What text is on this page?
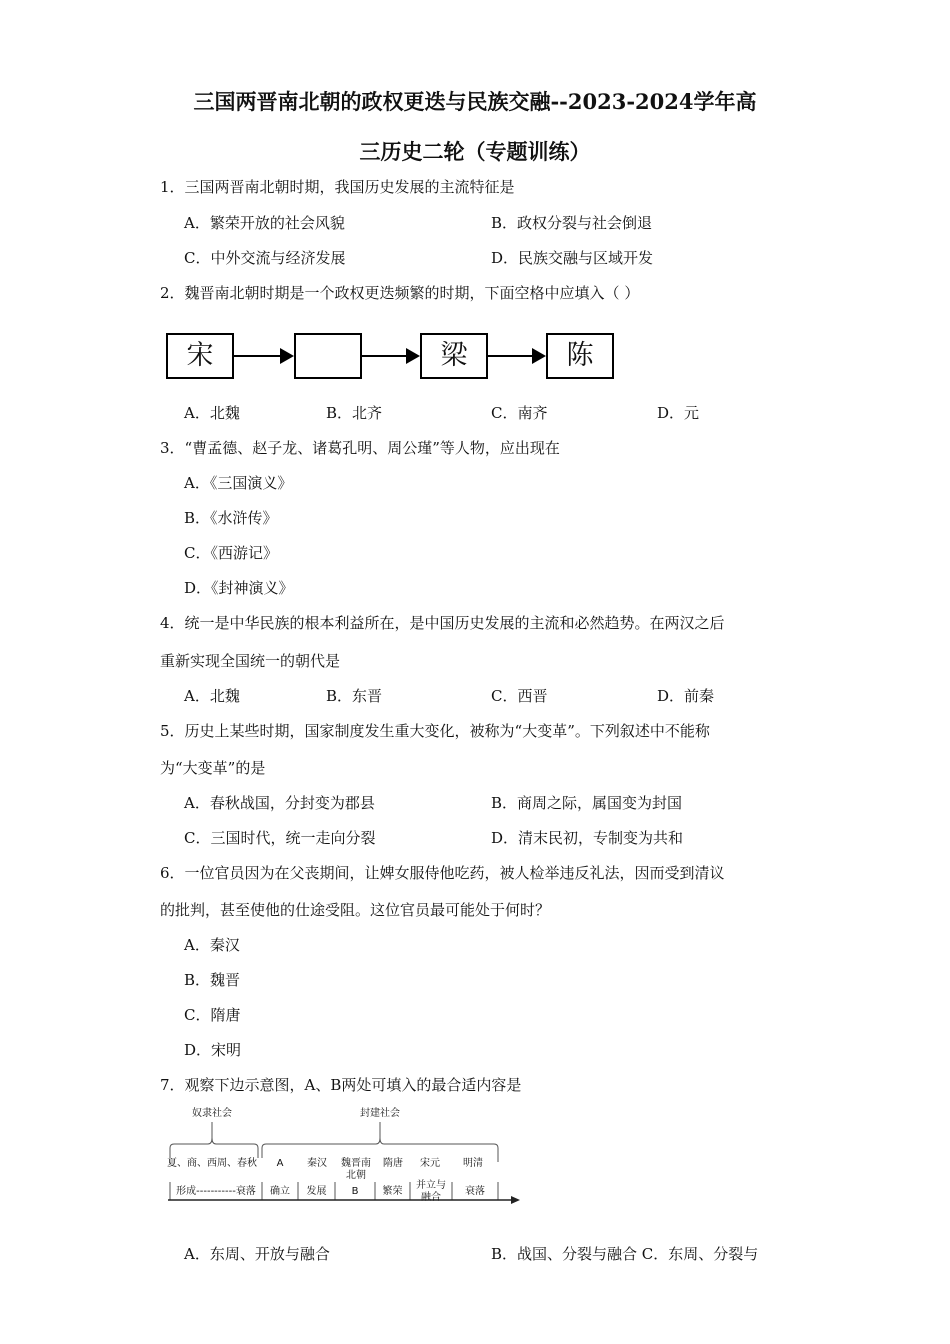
三国两晋南北朝的政权更迭与民族交融--2023-2024学年高
三历史二轮（专题训练）
1．三国两晋南北朝时期，我国历史发展的主流特征是
A．繁荣开放的社会风貌	B．政权分裂与社会倒退
C．中外交流与经济发展	D．民族交融与区域开发
2．魏晋南北朝时期是一个政权更迭频繁的时期，下面空格中应填入（ ）
宋	梁	陈
A．北魏	B．北齐	C．南齐	D．元
3．“曹孟德、赵子龙、诸葛孔明、周公瑾”等人物，应出现在
A．《三国演义》
B．《水浒传》
C．《西游记》
D．《封神演义》
4．统一是中华民族的根本利益所在，是中国历史发展的主流和必然趋势。在两汉之后
重新实现全国统一的朝代是
A．北魏	B．东晋	C．西晋	D．前秦
5．历史上某些时期，国家制度发生重大变化，被称为“大变革”。下列叙述中不能称
为“大变革”的是
A．春秋战国，分封变为郡县	B．商周之际，属国变为封国
C．三国时代，统一走向分裂	D．清末民初，专制变为共和
6．一位官员因为在父丧期间，让婢女服侍他吃药，被人检举违反礼法，因而受到清议
的批判，甚至使他的仕途受阻。这位官员最可能处于何时？
A．秦汉
B．魏晋
C．隋唐
D．宋明
7．观察下边示意图，A、B两处可填入的最合适内容是
奴隶社会	封建社会
夏、商、西周、春秋	A	秦汉	魏晋南北朝
隋唐	宋元	明清
形成-----------衰落	确立	发展	B	繁荣
并立与融合
衰落
A．东周、开放与融合	B．战国、分裂与融合 C．东周、分裂与
